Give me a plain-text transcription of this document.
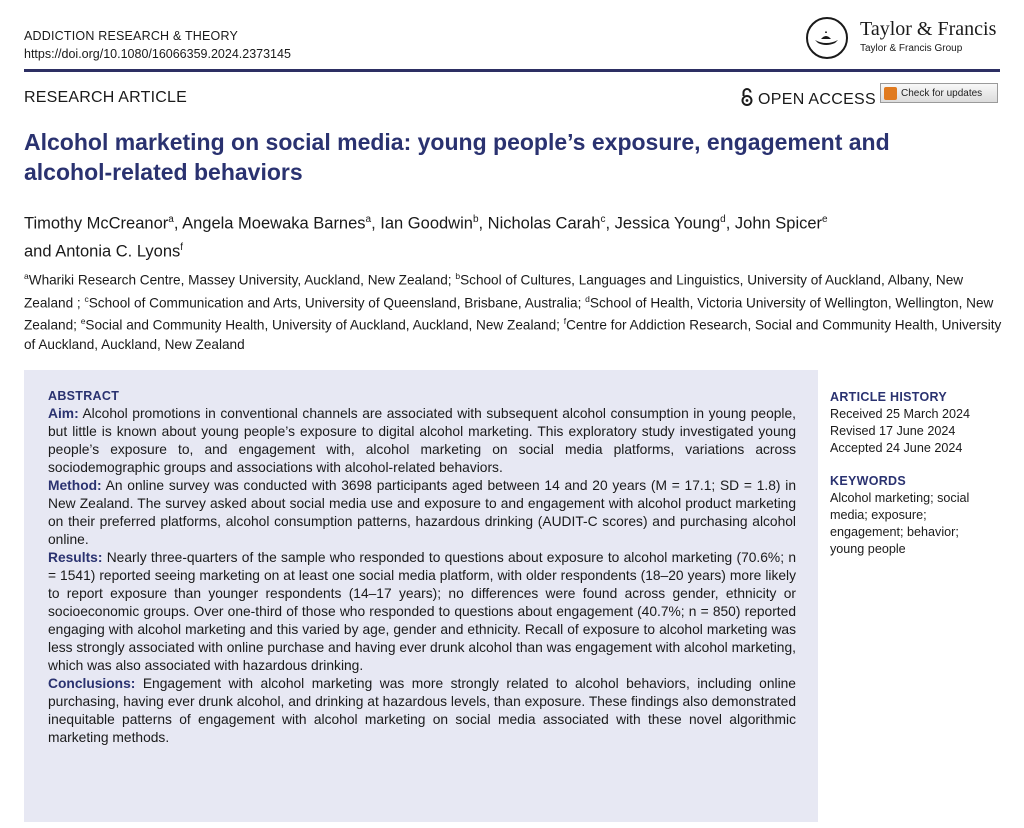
ADDICTION RESEARCH & THEORY
https://doi.org/10.1080/16066359.2024.2373145
Taylor & Francis
Taylor & Francis Group
RESEARCH ARTICLE	OPEN ACCESS Check for updates
Alcohol marketing on social media: young people’s exposure, engagement and alcohol-related behaviors

Timothy McCreanor$^a$, Angela Moewaka Barnes$^a$, Ian Goodwin$^b$, Nicholas Carah$^c$, Jessica Young$^d$, John Spicer$^e$
and Antonia C. Lyons$^f$

$^a$Whariki Research Centre, Massey University, Auckland, New Zealand; $^b$School of Cultures, Languages and Linguistics, University of Auckland, Albany, New Zealand ; $^c$School of Communication and Arts, University of Queensland, Brisbane, Australia; $^d$School of Health, Victoria University of Wellington, Wellington, New Zealand; $^e$Social and Community Health, University of Auckland, Auckland, New Zealand; $^f$Centre for Addiction Research, Social and Community Health, University of Auckland, Auckland, New Zealand

ABSTRACT

Aim: Alcohol promotions in conventional channels are associated with subsequent alcohol consumption in young people, but little is known about young people’s exposure to digital alcohol marketing. This exploratory study investigated young people’s exposure to, and engagement with, alcohol marketing on social media platforms, variations across sociodemographic groups and associations with alcohol-related behaviors.

Method: An online survey was conducted with 3698 participants aged between 14 and 20 years (M = 17.1; SD = 1.8) in New Zealand. The survey asked about social media use and exposure to and engagement with alcohol product marketing on their preferred platforms, alcohol consumption patterns, hazardous drinking (AUDIT-C scores) and purchasing alcohol online.

Results: Nearly three-quarters of the sample who responded to questions about exposure to alcohol marketing (70.6%; n = 1541) reported seeing marketing on at least one social media platform, with older respondents (18–20 years) more likely to report exposure than younger respondents (14–17 years); no differences were found across gender, ethnicity or socioeconomic groups. Over one-third of those who responded to questions about engagement (40.7%; n = 850) reported engaging with alcohol marketing and this varied by age, gender and ethnicity. Recall of exposure to alcohol marketing was less strongly associated with online purchase and having ever drunk alcohol than was engagement with alcohol marketing, which was also associated with hazardous drinking.

Conclusions: Engagement with alcohol marketing was more strongly related to alcohol behaviors, including online purchasing, having ever drunk alcohol, and drinking at hazardous levels, than exposure. These findings also demonstrated inequitable patterns of engagement with alcohol marketing on social media associated with these novel algorithmic marketing methods.

ARTICLE HISTORY
Received 25 March 2024
Revised 17 June 2024
Accepted 24 June 2024
KEYWORDS
Alcohol marketing; social media; exposure; engagement; behavior; young people
